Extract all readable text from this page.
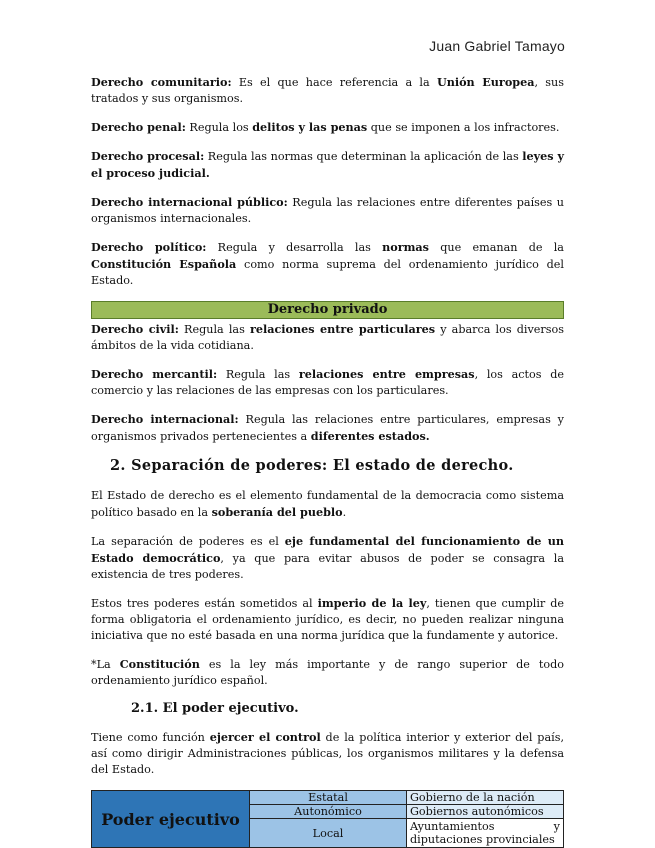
Juan Gabriel Tamayo

Derecho comunitario: Es el que hace referencia a la Unión Europea, sus tratados y sus organismos.

Derecho penal: Regula los delitos y las penas que se imponen a los infractores.

Derecho procesal: Regula las normas que determinan la aplicación de las leyes y el proceso judicial.

Derecho internacional público: Regula las relaciones entre diferentes países u organismos internacionales.

Derecho político: Regula y desarrolla las normas que emanan de la Constitución Española como norma suprema del ordenamiento jurídico del Estado.

Derecho privado

Derecho civil: Regula las relaciones entre particulares y abarca los diversos ámbitos de la vida cotidiana.

Derecho mercantil: Regula las relaciones entre empresas, los actos de comercio y las relaciones de las empresas con los particulares.

Derecho internacional: Regula las relaciones entre particulares, empresas y organismos privados pertenecientes a diferentes estados.

2. Separación de poderes: El estado de derecho.

El Estado de derecho es el elemento fundamental de la democracia como sistema político basado en la soberanía del pueblo.

La separación de poderes es el eje fundamental del funcionamiento de un Estado democrático, ya que para evitar abusos de poder se consagra la existencia de tres poderes.

Estos tres poderes están sometidos al imperio de la ley, tienen que cumplir de forma obligatoria el ordenamiento jurídico, es decir, no pueden realizar ninguna iniciativa que no esté basada en una norma jurídica que la fundamente y autorice.

*La Constitución es la ley más importante y de rango superior de todo ordenamiento jurídico español.

2.1. El poder ejecutivo.

Tiene como función ejercer el control de la política interior y exterior del país, así como dirigir Administraciones públicas, los organismos militares y la defensa del Estado.

Poder ejecutivo	Estatal	Gobierno de la nación
	Autonómico	Gobiernos autonómicos
	Local	Ayuntamientos y diputaciones provinciales
